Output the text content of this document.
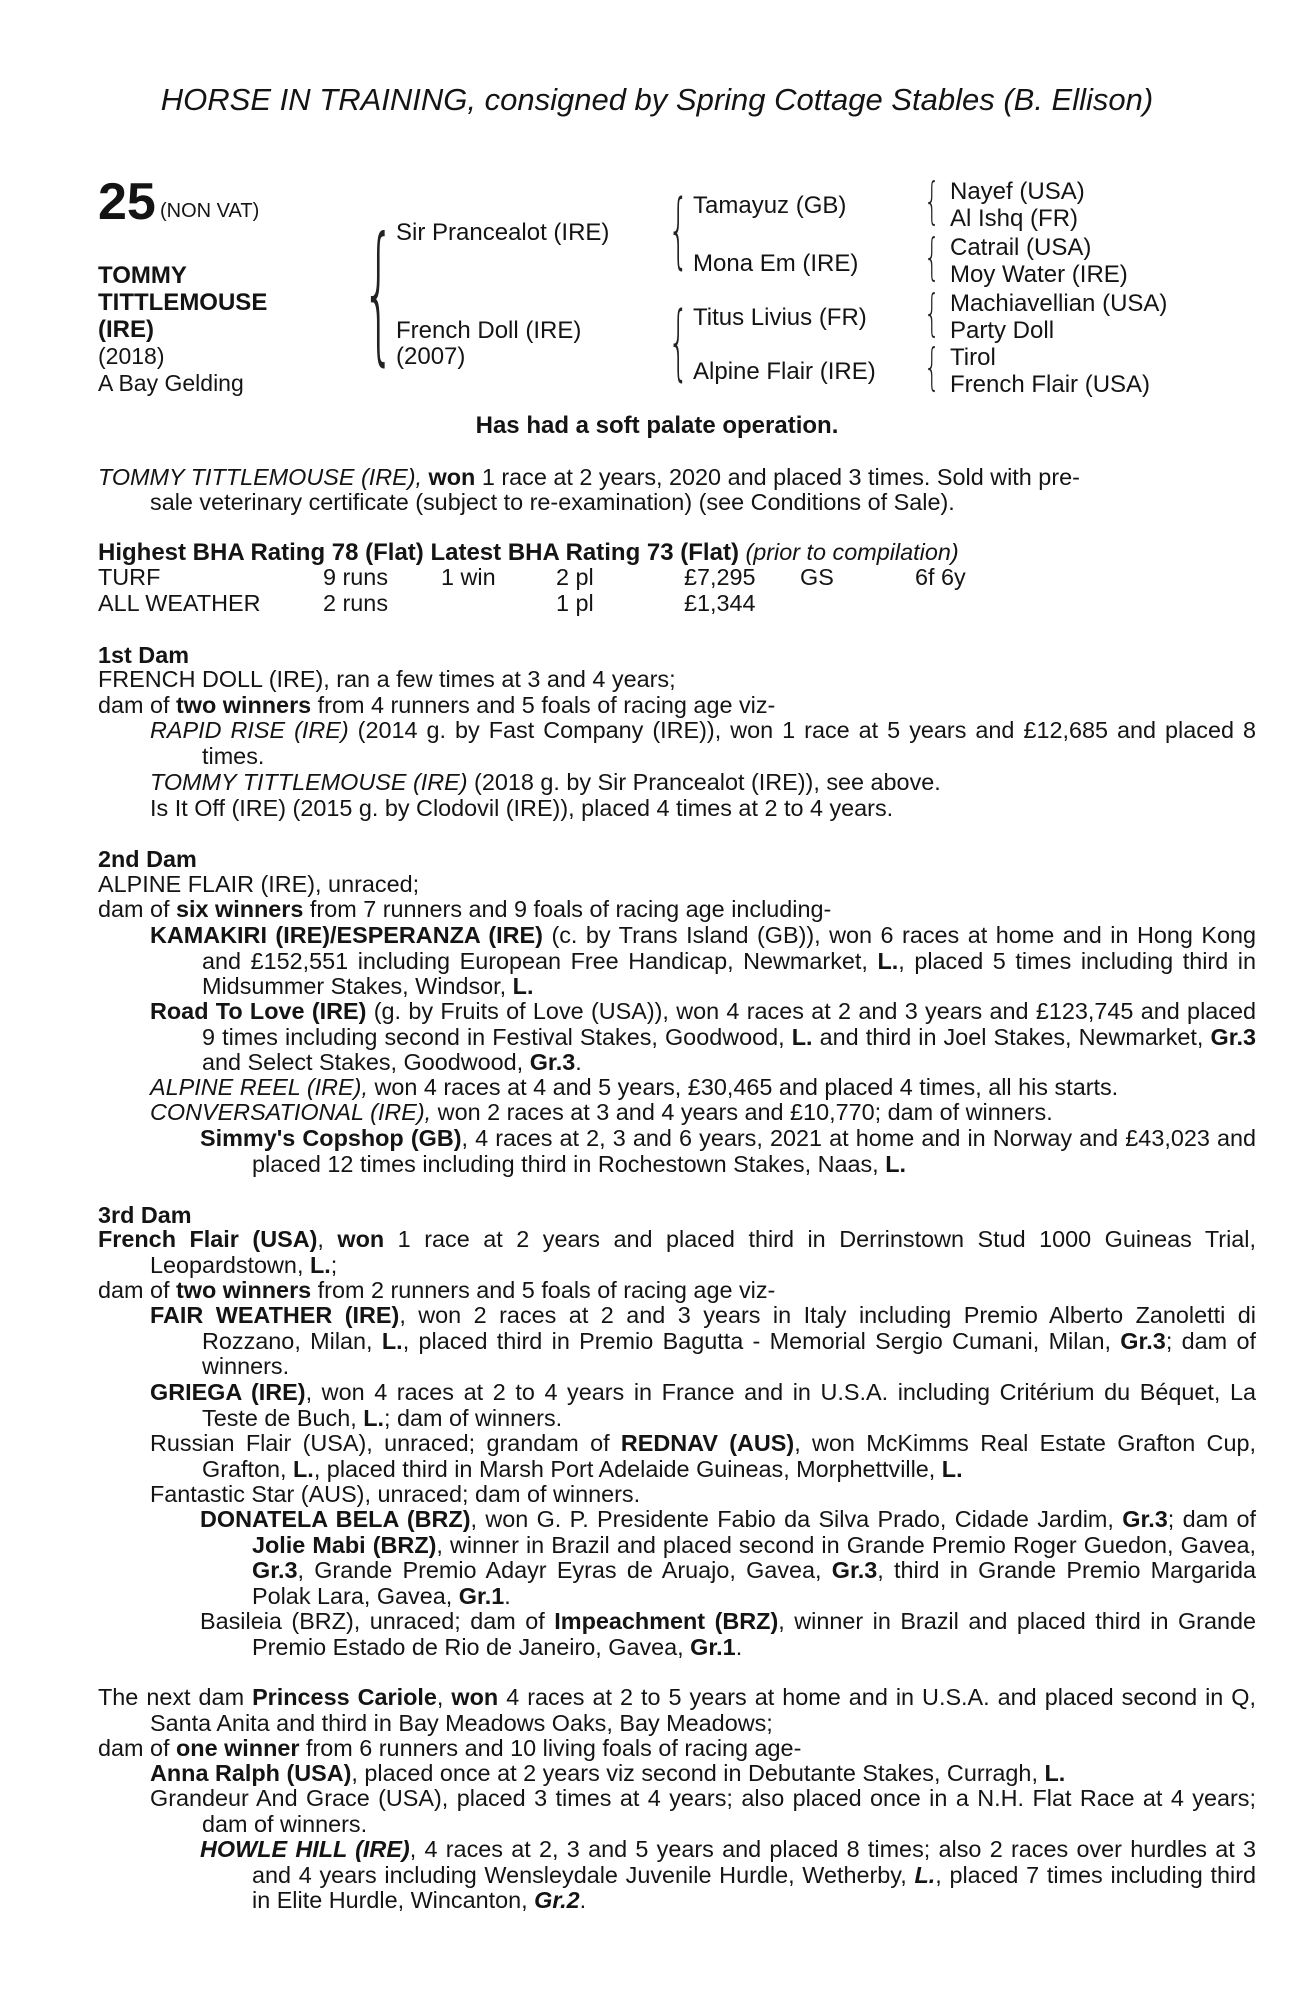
HORSE IN TRAINING, consigned by Spring Cottage Stables (B. Ellison)
25 (NON VAT)
TOMMY
TITTLEMOUSE
(IRE)
(2018)
A Bay Gelding
{ Sir Prancealot (IRE)
French Doll (IRE)
(2007)
{ Tamayuz (GB)
Mona Em (IRE)
{ Titus Livius (FR)
Alpine Flair (IRE)
{ Nayef (USA)
Al Ishq (FR)
{ Catrail (USA)
Moy Water (IRE)
{ Machiavellian (USA)
Party Doll
{ Tirol
French Flair (USA)
Has had a soft palate operation.
TOMMY TITTLEMOUSE (IRE), won 1 race at 2 years, 2020 and placed 3 times. Sold with pre-
sale veterinary certificate (subject to re-examination) (see Conditions of Sale).
Highest BHA Rating 78 (Flat) Latest BHA Rating 73 (Flat) (prior to compilation)
TURF	9 runs 1 win	2 pl	£7,295 GS	6f 6y
ALL WEATHER	2 runs	1 pl	£1,344
1st Dam
FRENCH DOLL (IRE), ran a few times at 3 and 4 years;
dam of two winners from 4 runners and 5 foals of racing age viz-
RAPID RISE (IRE) (2014 g. by Fast Company (IRE)), won 1 race at 5 years and £12,685 and placed 8 times.
TOMMY TITTLEMOUSE (IRE) (2018 g. by Sir Prancealot (IRE)), see above.
Is It Off (IRE) (2015 g. by Clodovil (IRE)), placed 4 times at 2 to 4 years.
2nd Dam
ALPINE FLAIR (IRE), unraced;
dam of six winners from 7 runners and 9 foals of racing age including-
KAMAKIRI (IRE)/ESPERANZA (IRE) (c. by Trans Island (GB)), won 6 races at home and in Hong Kong and £152,551 including European Free Handicap, Newmarket, L., placed 5 times including third in Midsummer Stakes, Windsor, L.
Road To Love (IRE) (g. by Fruits of Love (USA)), won 4 races at 2 and 3 years and £123,745 and placed 9 times including second in Festival Stakes, Goodwood, L. and third in Joel Stakes, Newmarket, Gr.3 and Select Stakes, Goodwood, Gr.3.
ALPINE REEL (IRE), won 4 races at 4 and 5 years, £30,465 and placed 4 times, all his starts.
CONVERSATIONAL (IRE), won 2 races at 3 and 4 years and £10,770; dam of winners.
Simmy's Copshop (GB), 4 races at 2, 3 and 6 years, 2021 at home and in Norway and £43,023 and placed 12 times including third in Rochestown Stakes, Naas, L.
3rd Dam
French Flair (USA), won 1 race at 2 years and placed third in Derrinstown Stud 1000 Guineas Trial, Leopardstown, L.;
dam of two winners from 2 runners and 5 foals of racing age viz-
FAIR WEATHER (IRE), won 2 races at 2 and 3 years in Italy including Premio Alberto Zanoletti di Rozzano, Milan, L., placed third in Premio Bagutta - Memorial Sergio Cumani, Milan, Gr.3; dam of winners.
GRIEGA (IRE), won 4 races at 2 to 4 years in France and in U.S.A. including Critérium du Béquet, La Teste de Buch, L.; dam of winners.
Russian Flair (USA), unraced; grandam of REDNAV (AUS), won McKimms Real Estate Grafton Cup, Grafton, L., placed third in Marsh Port Adelaide Guineas, Morphettville, L.
Fantastic Star (AUS), unraced; dam of winners.
DONATELA BELA (BRZ), won G. P. Presidente Fabio da Silva Prado, Cidade Jardim, Gr.3; dam of Jolie Mabi (BRZ), winner in Brazil and placed second in Grande Premio Roger Guedon, Gavea, Gr.3, Grande Premio Adayr Eyras de Aruajo, Gavea, Gr.3, third in Grande Premio Margarida Polak Lara, Gavea, Gr.1.
Basileia (BRZ), unraced; dam of Impeachment (BRZ), winner in Brazil and placed third in Grande Premio Estado de Rio de Janeiro, Gavea, Gr.1.
The next dam Princess Cariole, won 4 races at 2 to 5 years at home and in U.S.A. and placed second in Q, Santa Anita and third in Bay Meadows Oaks, Bay Meadows;
dam of one winner from 6 runners and 10 living foals of racing age-
Anna Ralph (USA), placed once at 2 years viz second in Debutante Stakes, Curragh, L.
Grandeur And Grace (USA), placed 3 times at 4 years; also placed once in a N.H. Flat Race at 4 years; dam of winners.
HOWLE HILL (IRE), 4 races at 2, 3 and 5 years and placed 8 times; also 2 races over hurdles at 3 and 4 years including Wensleydale Juvenile Hurdle, Wetherby, L., placed 7 times including third in Elite Hurdle, Wincanton, Gr.2.
